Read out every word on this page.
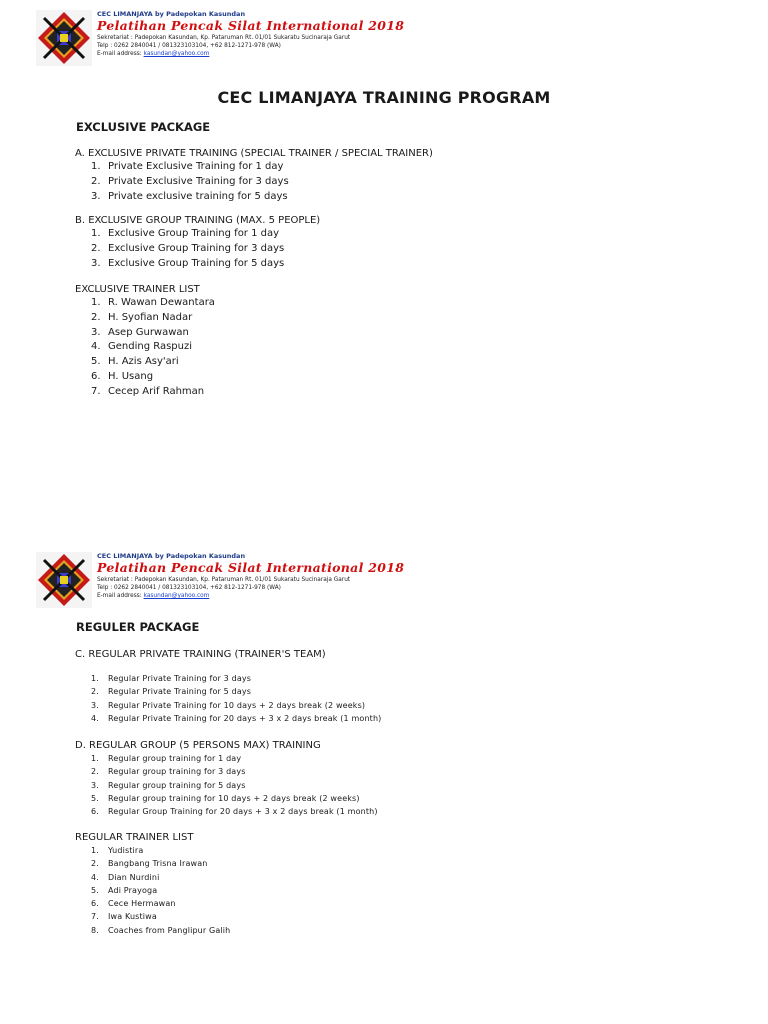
CEC LIMANJAYA by Padepokan Kasundan
Pelatihan Pencak Silat International 2018
Sekretariat : Padepokan Kasundan, Kp. Pataruman Rt. 01/01 Sukaratu Sucinaraja Garut
Telp : 0262 2840041 / 081323103104, +62 812-1271-978 (WA)
E-mail address: kasundan@yahoo.com
CEC LIMANJAYA TRAINING PROGRAM
EXCLUSIVE PACKAGE
A. EXCLUSIVE PRIVATE TRAINING (SPECIAL TRAINER / SPECIAL TRAINER)
1. Private Exclusive Training for 1 day
2. Private Exclusive Training for 3 days
3. Private exclusive training for 5 days
B. EXCLUSIVE GROUP TRAINING (MAX. 5 PEOPLE)
1. Exclusive Group Training for 1 day
2. Exclusive Group Training for 3 days
3. Exclusive Group Training for 5 days
EXCLUSIVE TRAINER LIST
1. R. Wawan Dewantara
2. H. Syofian Nadar
3. Asep Gurwawan
4. Gending Raspuzi
5. H. Azis Asy'ari
6. H. Usang
7. Cecep Arif Rahman
CEC LIMANJAYA by Padepokan Kasundan
Pelatihan Pencak Silat International 2018
Sekretariat : Padepokan Kasundan, Kp. Pataruman Rt. 01/01 Sukaratu Sucinaraja Garut
Telp : 0262 2840041 / 081323103104, +62 812-1271-978 (WA)
E-mail address: kasundan@yahoo.com
REGULER PACKAGE
C. REGULAR PRIVATE TRAINING (TRAINER'S TEAM)
1.	Regular Private Training for 3 days
2.	Regular Private Training for 5 days
3.	Regular Private Training for 10 days + 2 days break (2 weeks)
4.	Regular Private Training for 20 days + 3 x 2 days break (1 month)
D. REGULAR GROUP (5 PERSONS MAX) TRAINING
1.	Regular group training for 1 day
2.	Regular group training for 3 days
3.	Regular group training for 5 days
5.	Regular group training for 10 days + 2 days break (2 weeks)
6.	Regular Group Training for 20 days + 3 x 2 days break (1 month)
REGULAR TRAINER LIST
1.	Yudistira
2.	Bangbang Trisna Irawan
4.	Dian Nurdini
5.	Adi Prayoga
6.	Cece Hermawan
7.	Iwa Kustiwa
8.	Coaches from Panglipur Galih
